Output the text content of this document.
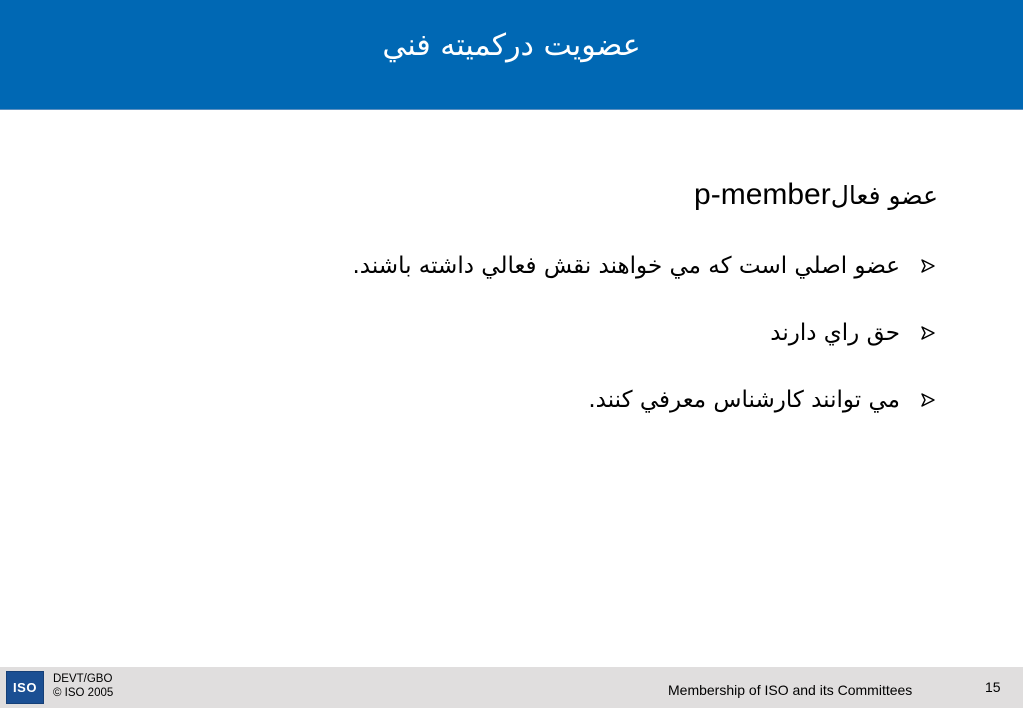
عضويت دركميته فني
عضو فعالp-member
عضو اصلي است كه مي خواهند نقش فعالي داشته باشند.
حق راي دارند
مي توانند كارشناس معرفي كنند.
ISO
DEVT/GBO
© ISO 2005	Membership of ISO and its Committees	15
